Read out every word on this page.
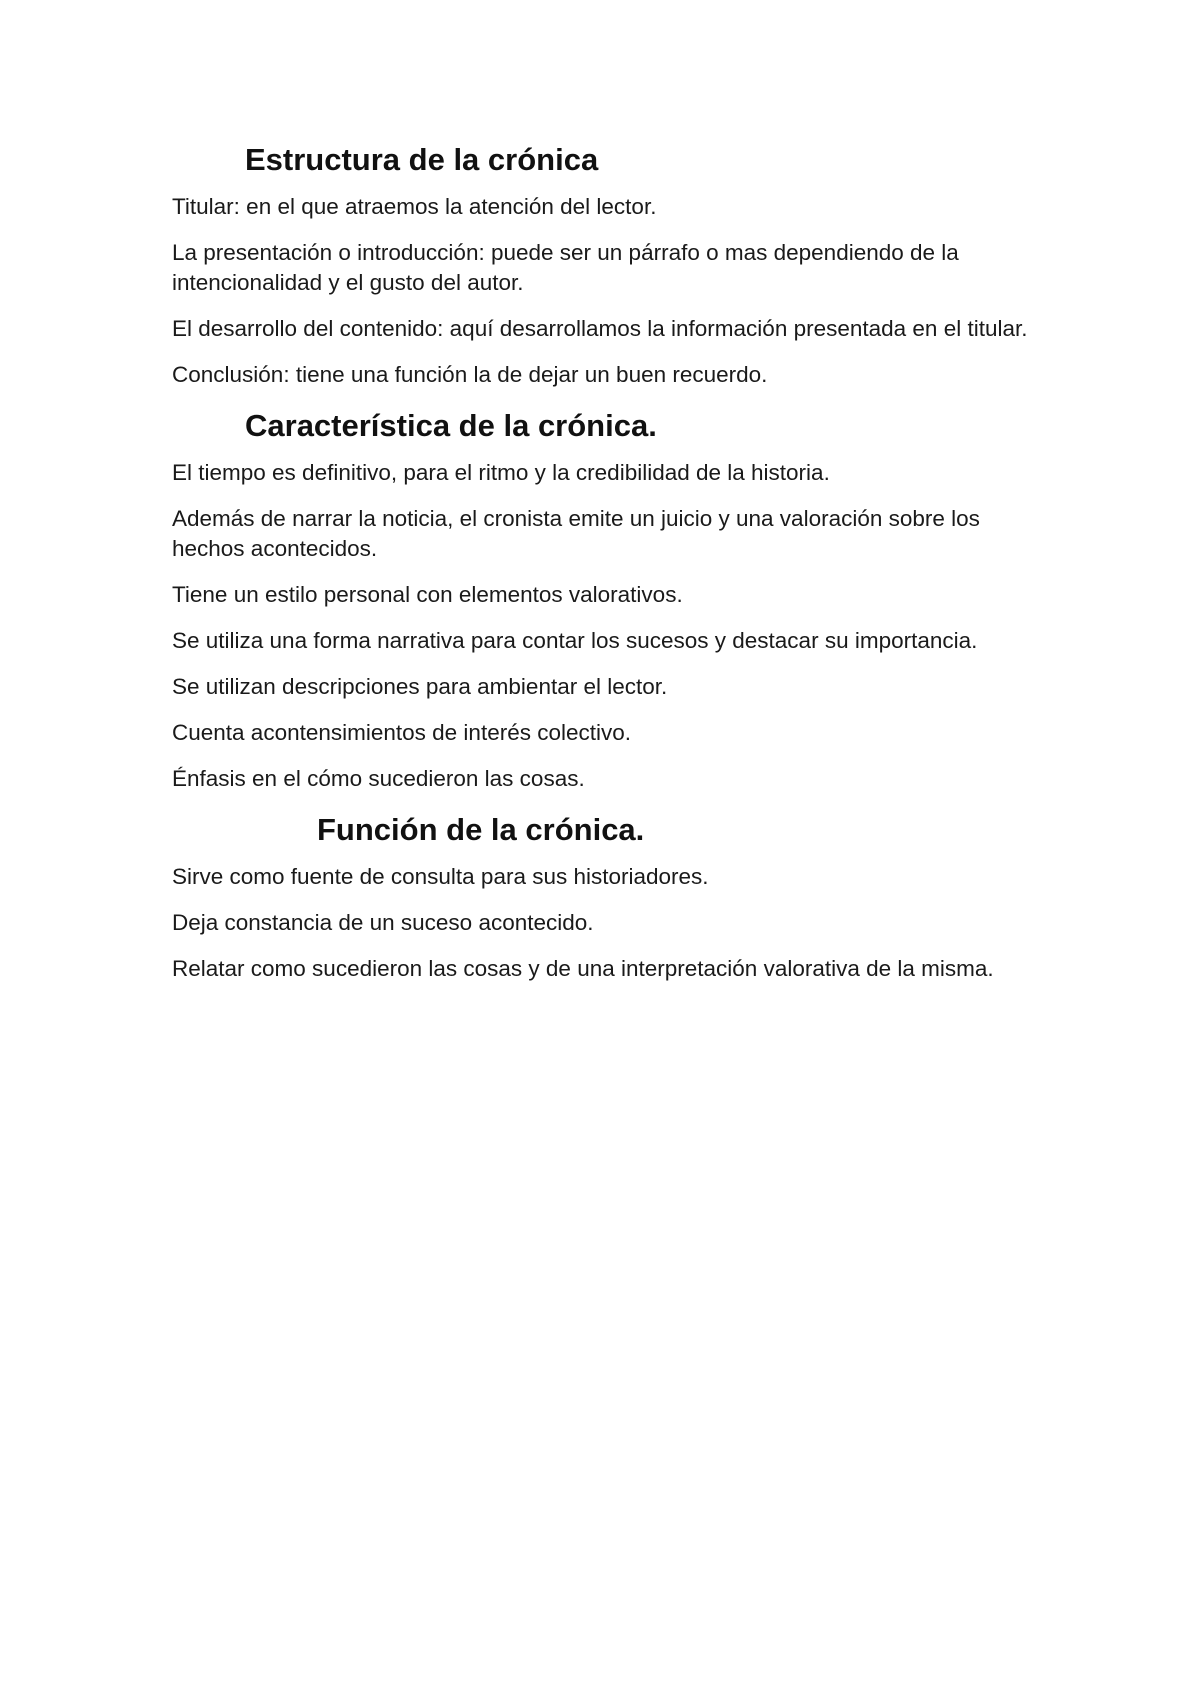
Estructura de la crónica

Titular: en el que atraemos la atención del lector.

La presentación o introducción: puede ser un párrafo o mas dependiendo de la intencionalidad y el gusto del autor.

El desarrollo del contenido: aquí desarrollamos la información presentada en el titular.

Conclusión: tiene una función la de dejar un buen recuerdo.

Característica de la crónica.

El tiempo es definitivo, para el ritmo y la credibilidad de la historia.

Además de narrar la noticia, el cronista emite un juicio y una valoración sobre los hechos acontecidos.

Tiene un estilo personal con elementos valorativos.

Se utiliza una forma narrativa para contar los sucesos y destacar su importancia.

Se utilizan descripciones para ambientar el lector.

Cuenta acontensimientos de interés colectivo.

Énfasis en el cómo sucedieron las cosas.

Función de la crónica.

Sirve como fuente de consulta para sus historiadores.

Deja constancia de un suceso acontecido.

Relatar como sucedieron las cosas y de una interpretación valorativa de la misma.
